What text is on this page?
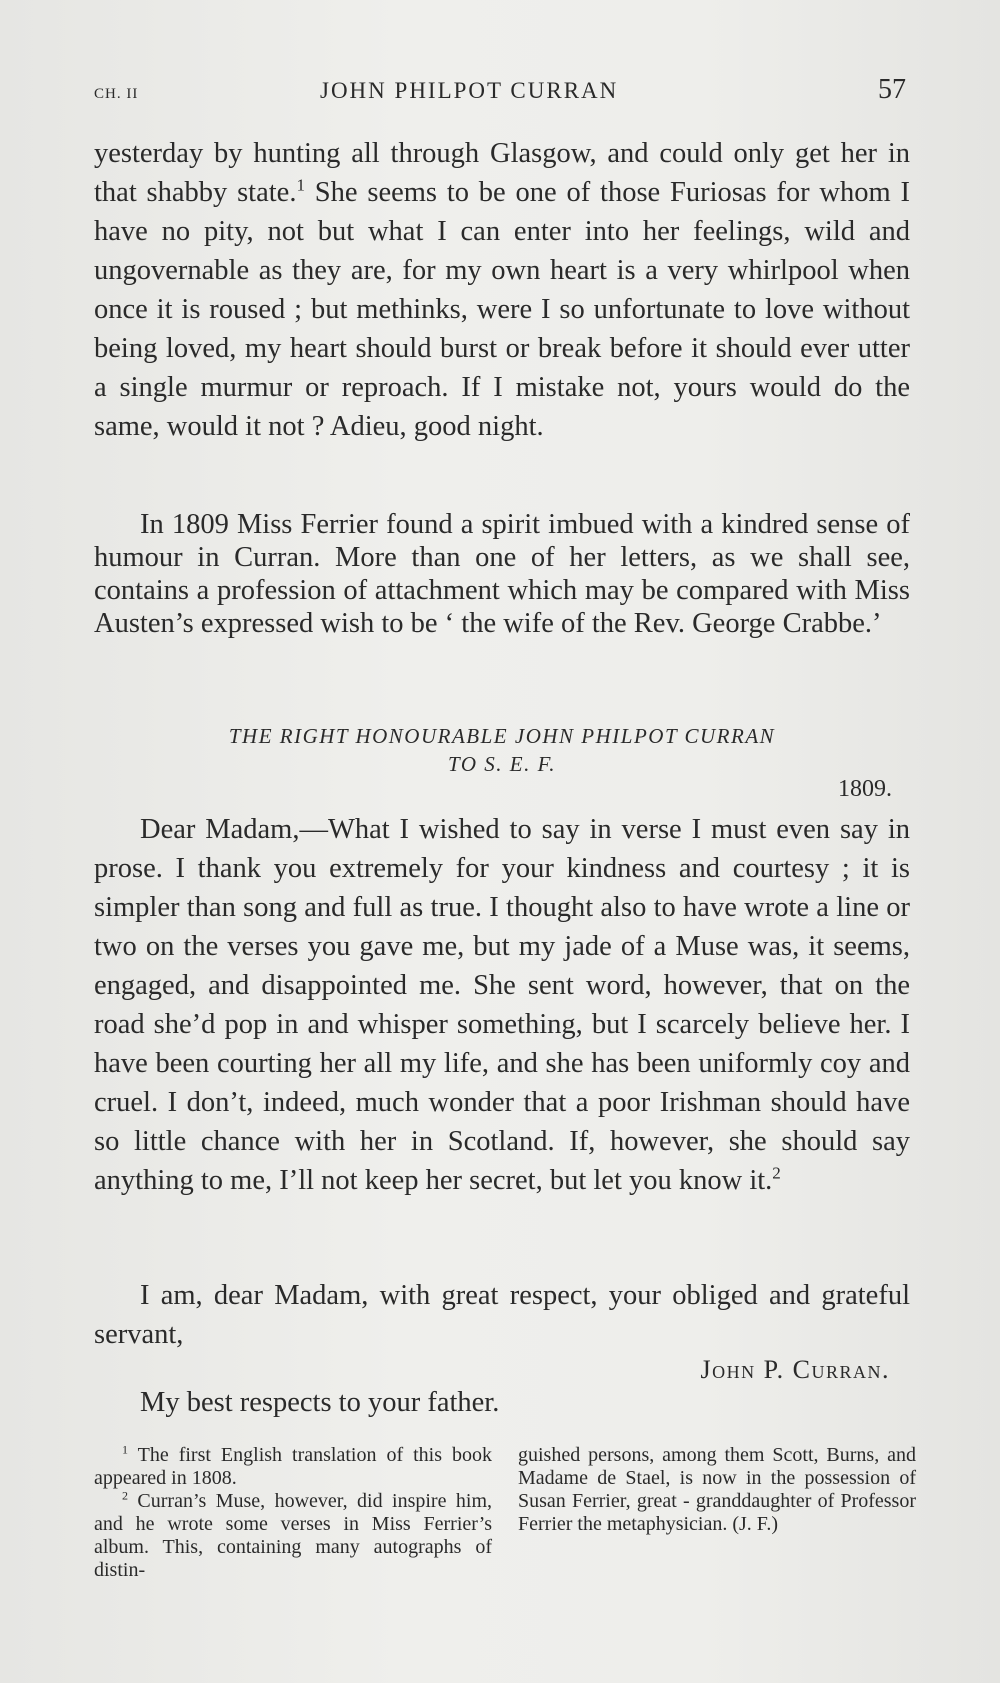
CH. II	JOHN PHILPOT CURRAN	57

yesterday by hunting all through Glasgow, and could only get her in that shabby state.$^1$ She seems to be one of those Furiosas for whom I have no pity, not but what I can enter into her feelings, wild and ungovernable as they are, for my own heart is a very whirlpool when once it is roused ; but methinks, were I so unfortunate to love without being loved, my heart should burst or break before it should ever utter a single murmur or reproach. If I mistake not, yours would do the same, would it not ? Adieu, good night.

In 1809 Miss Ferrier found a spirit imbued with a kindred sense of humour in Curran. More than one of her letters, as we shall see, contains a profession of attachment which may be compared with Miss Austen’s expressed wish to be ‘ the wife of the Rev. George Crabbe.’

THE RIGHT HONOURABLE JOHN PHILPOT CURRAN
TO S. E. F.
1809.

Dear Madam,—What I wished to say in verse I must even say in prose. I thank you extremely for your kindness and courtesy ; it is simpler than song and full as true. I thought also to have wrote a line or two on the verses you gave me, but my jade of a Muse was, it seems, engaged, and disappointed me. She sent word, however, that on the road she’d pop in and whisper something, but I scarcely believe her. I have been courting her all my life, and she has been uniformly coy and cruel. I don’t, indeed, much wonder that a poor Irishman should have so little chance with her in Scotland. If, however, she should say anything to me, I’ll not keep her secret, but let you know it.$^2$

I am, dear Madam, with great respect, your obliged and grateful servant,

John P. Curran.
My best respects to your father.

$^1$ The first English translation of this book appeared in 1808.

$^2$ Curran’s Muse, however, did inspire him, and he wrote some verses in Miss Ferrier’s album. This, containing many autographs of distin-

guished persons, among them Scott, Burns, and Madame de Stael, is now in the possession of Susan Ferrier, great - granddaughter of Professor Ferrier the metaphysician. (J. F.)
